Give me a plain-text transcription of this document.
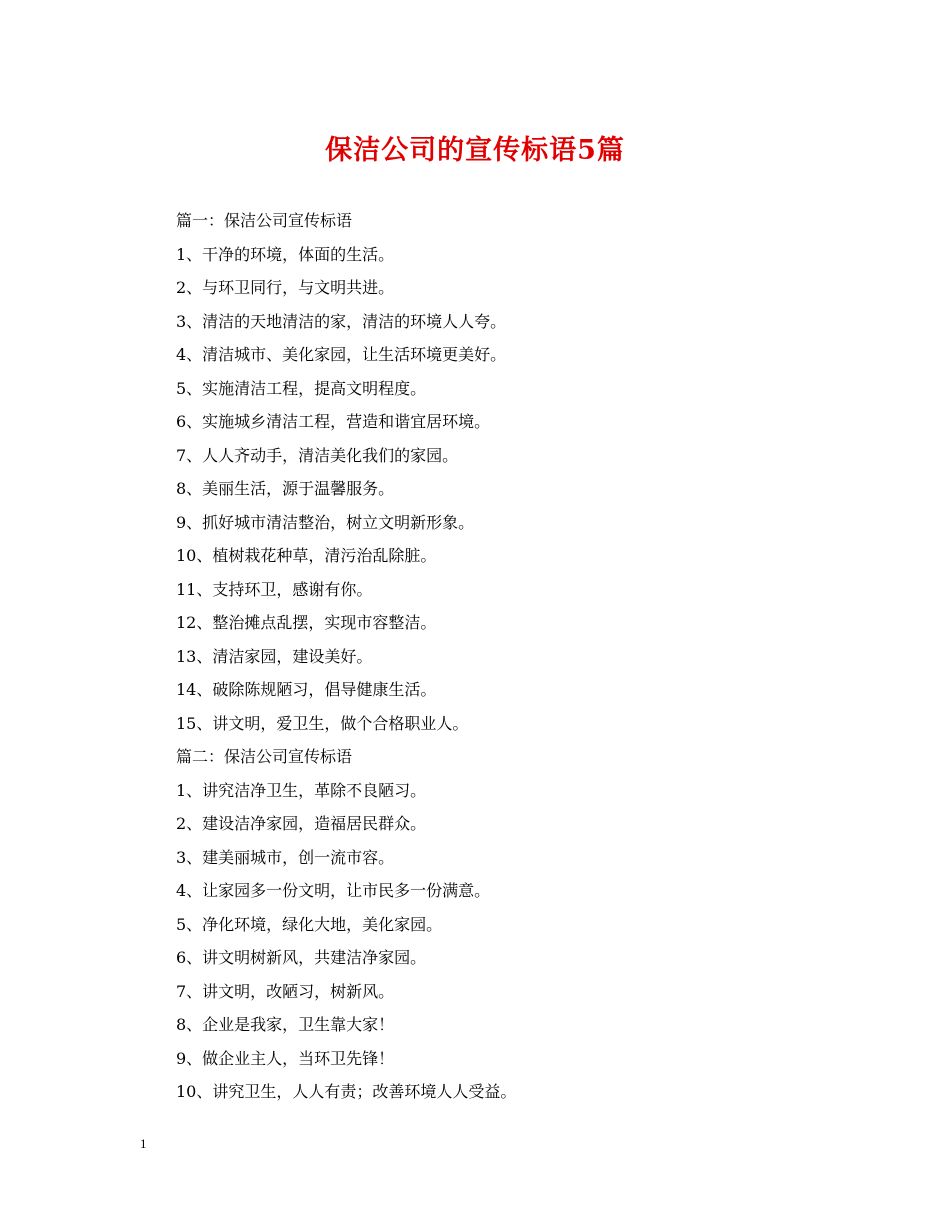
保洁公司的宣传标语5篇
篇一：保洁公司宣传标语
1、干净的环境，体面的生活。
2、与环卫同行，与文明共进。
3、清洁的天地清洁的家，清洁的环境人人夸。
4、清洁城市、美化家园，让生活环境更美好。
5、实施清洁工程，提高文明程度。
6、实施城乡清洁工程，营造和谐宜居环境。
7、人人齐动手，清洁美化我们的家园。
8、美丽生活，源于温馨服务。
9、抓好城市清洁整治，树立文明新形象。
10、植树栽花种草，清污治乱除脏。
11、支持环卫，感谢有你。
12、整治摊点乱摆，实现市容整洁。
13、清洁家园，建设美好。
14、破除陈规陋习，倡导健康生活。
15、讲文明，爱卫生，做个合格职业人。
篇二：保洁公司宣传标语
1、讲究洁净卫生，革除不良陋习。
2、建设洁净家园，造福居民群众。
3、建美丽城市，创一流市容。
4、让家园多一份文明，让市民多一份满意。
5、净化环境，绿化大地，美化家园。
6、讲文明树新风，共建洁净家园。
7、讲文明，改陋习，树新风。
8、企业是我家，卫生靠大家！
9、做企业主人，当环卫先锋！
10、讲究卫生，人人有责；改善环境人人受益。
1
